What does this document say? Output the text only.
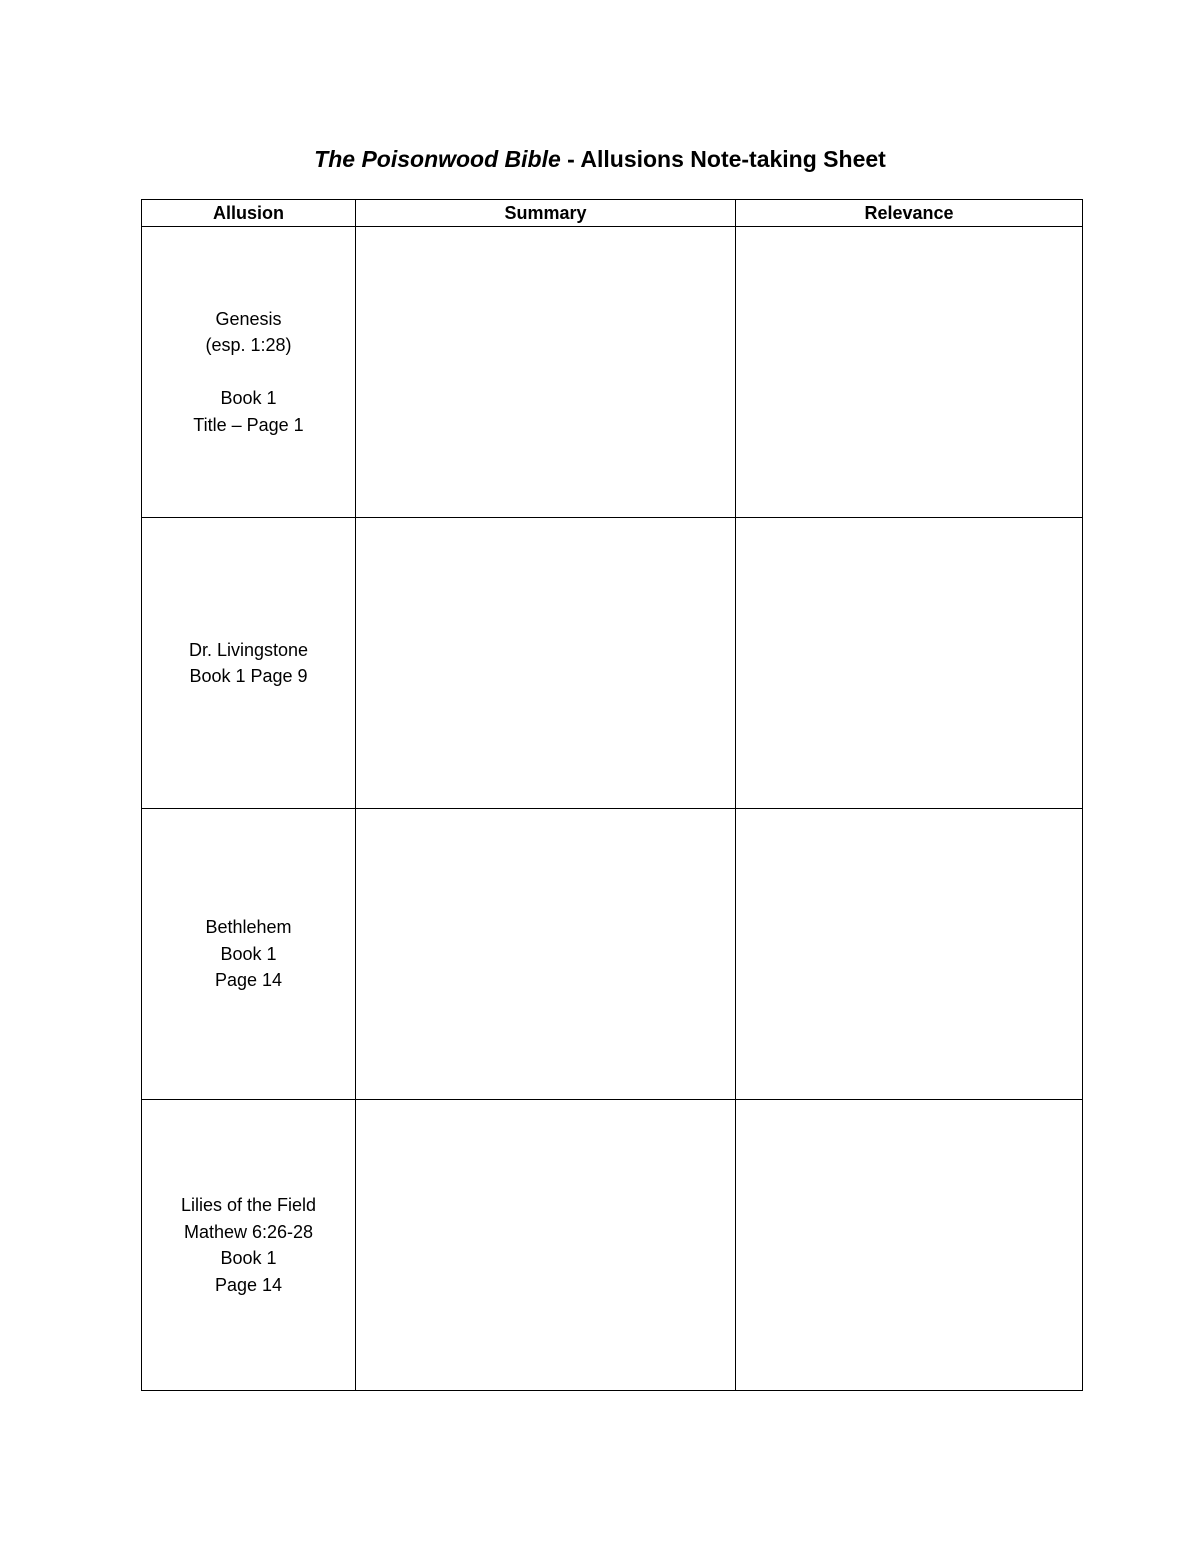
The Poisonwood Bible - Allusions Note-taking Sheet
Allusion	Summary	Relevance

Genesis
(esp. 1:28)
Book 1
Title – Page 1		

Dr. Livingstone
Book 1 Page 9		

Bethlehem
Book 1
Page 14		

Lilies of the Field
Mathew 6:26-28
Book 1
Page 14		
